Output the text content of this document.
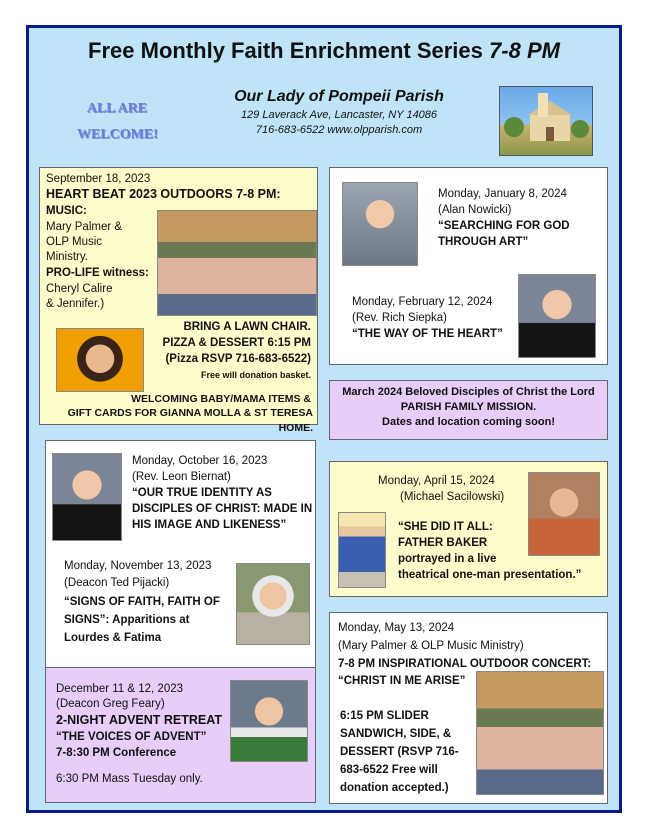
Free Monthly Faith Enrichment Series 7-8 PM
ALL ARE
WELCOME!
Our Lady of Pompeii Parish
129 Laverack Ave, Lancaster, NY 14086
716-683-6522 www.olpparish.com
September 18, 2023
HEART BEAT 2023 OUTDOORS 7-8 PM:
MUSIC:
Mary Palmer &
OLP Music
Ministry.
PRO-LIFE witness:
Cheryl Calire
& Jennifer.)
BRING A LAWN CHAIR.
PIZZA & DESSERT 6:15 PM
(Pizza RSVP 716-683-6522)
Free will donation basket.
WELCOMING BABY/MAMA ITEMS &
GIFT CARDS FOR GIANNA MOLLA & ST TERESA HOME.
Monday, January 8, 2024
(Alan Nowicki)
“SEARCHING FOR GOD
THROUGH ART”
Monday, February 12, 2024
(Rev. Rich Siepka)
“THE WAY OF THE HEART”
March 2024 Beloved Disciples of Christ the Lord
PARISH FAMILY MISSION.
Dates and location coming soon!
Monday, October 16, 2023
(Rev. Leon Biernat)
“OUR TRUE IDENTITY AS
DISCIPLES OF CHRIST: MADE IN
HIS IMAGE AND LIKENESS”
Monday, November 13, 2023
(Deacon Ted Pijacki)
“SIGNS OF FAITH, FAITH OF
SIGNS”: Apparitions at
Lourdes & Fatima
Monday, April 15, 2024
(Michael Sacilowski)
“SHE DID IT ALL:
FATHER BAKER
portrayed in a live
theatrical one-man presentation.”
December 11 & 12, 2023
(Deacon Greg Feary)
2-NIGHT ADVENT RETREAT
“THE VOICES OF ADVENT”
7-8:30 PM Conference
6:30 PM Mass Tuesday only.
Monday, May 13, 2024
(Mary Palmer & OLP Music Ministry)
7-8 PM INSPIRATIONAL OUTDOOR CONCERT:
“CHRIST IN ME ARISE”
6:15 PM SLIDER
SANDWICH, SIDE, &
DESSERT (RSVP 716-
683-6522 Free will
donation accepted.)
